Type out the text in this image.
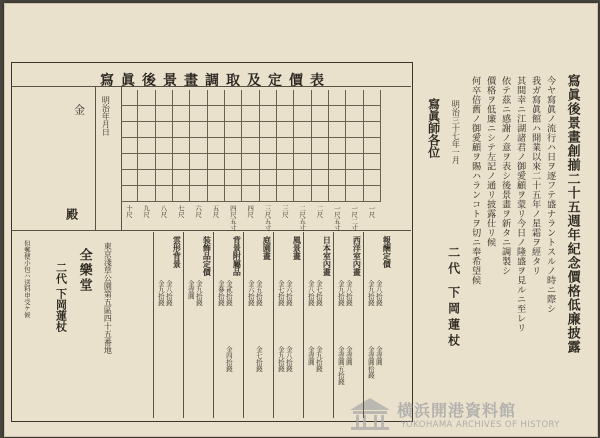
寫眞後景畫調取及定價表
明治年月日
金
殿
全樂堂 東京淺草公園第五區四十五番地
二代 下岡蓮杖
但郵便小包ハ送料申受ケ候	寫眞後景畫創揃二十五週年紀念價格低廉披露
明治三十七年一月
寫眞師各位
二代 下岡蓮杖
横浜開港資料館
YOKOHAMA ARCHIVES OF HISTORY
一尺
一尺二寸
一尺五寸
二尺
二尺五寸
三尺
三尺五寸
四尺
四尺五寸
五尺
六尺
七尺
八尺
九尺
十尺
報酬定價
金八拾錢
金九拾錢
金壹圓
金壹圓拾錢
西洋室內畫
金八拾錢
金九拾錢
金壹圓
金壹圓五拾錢
日本室內畫
金七拾錢
金八拾錢
金九拾錢
金壹圓
風景畫
金六拾錢
金七拾錢
金八拾錢
金九拾錢
庭園畫
金五拾錢
金六拾錢
金七拾錢
背景附屬品
金貳拾錢
金參拾錢
金四拾錢
装飾品定價
金九拾錢
金壹圓
雲形背景
金八拾錢
金九拾錢	今ヤ寫眞ノ流行ハ日ヲ逐フテ盛ナラントスルノ時ニ際シ
我ガ寫眞館ハ開業以來二十五年ノ星霜ヲ經タリ
其間幸ニ江湖諸君ノ御愛顧ヲ蒙リ今日ノ隆盛ヲ見ルニ至レリ
依テ茲ニ感謝ノ意ヲ表シ後景畫ヲ新タニ調製シ
價格ヲ低廉ニシテ左記ノ通リ披露仕リ候
何卒倍舊ノ御愛顧ヲ賜ハランコトヲ切ニ奉希望候
